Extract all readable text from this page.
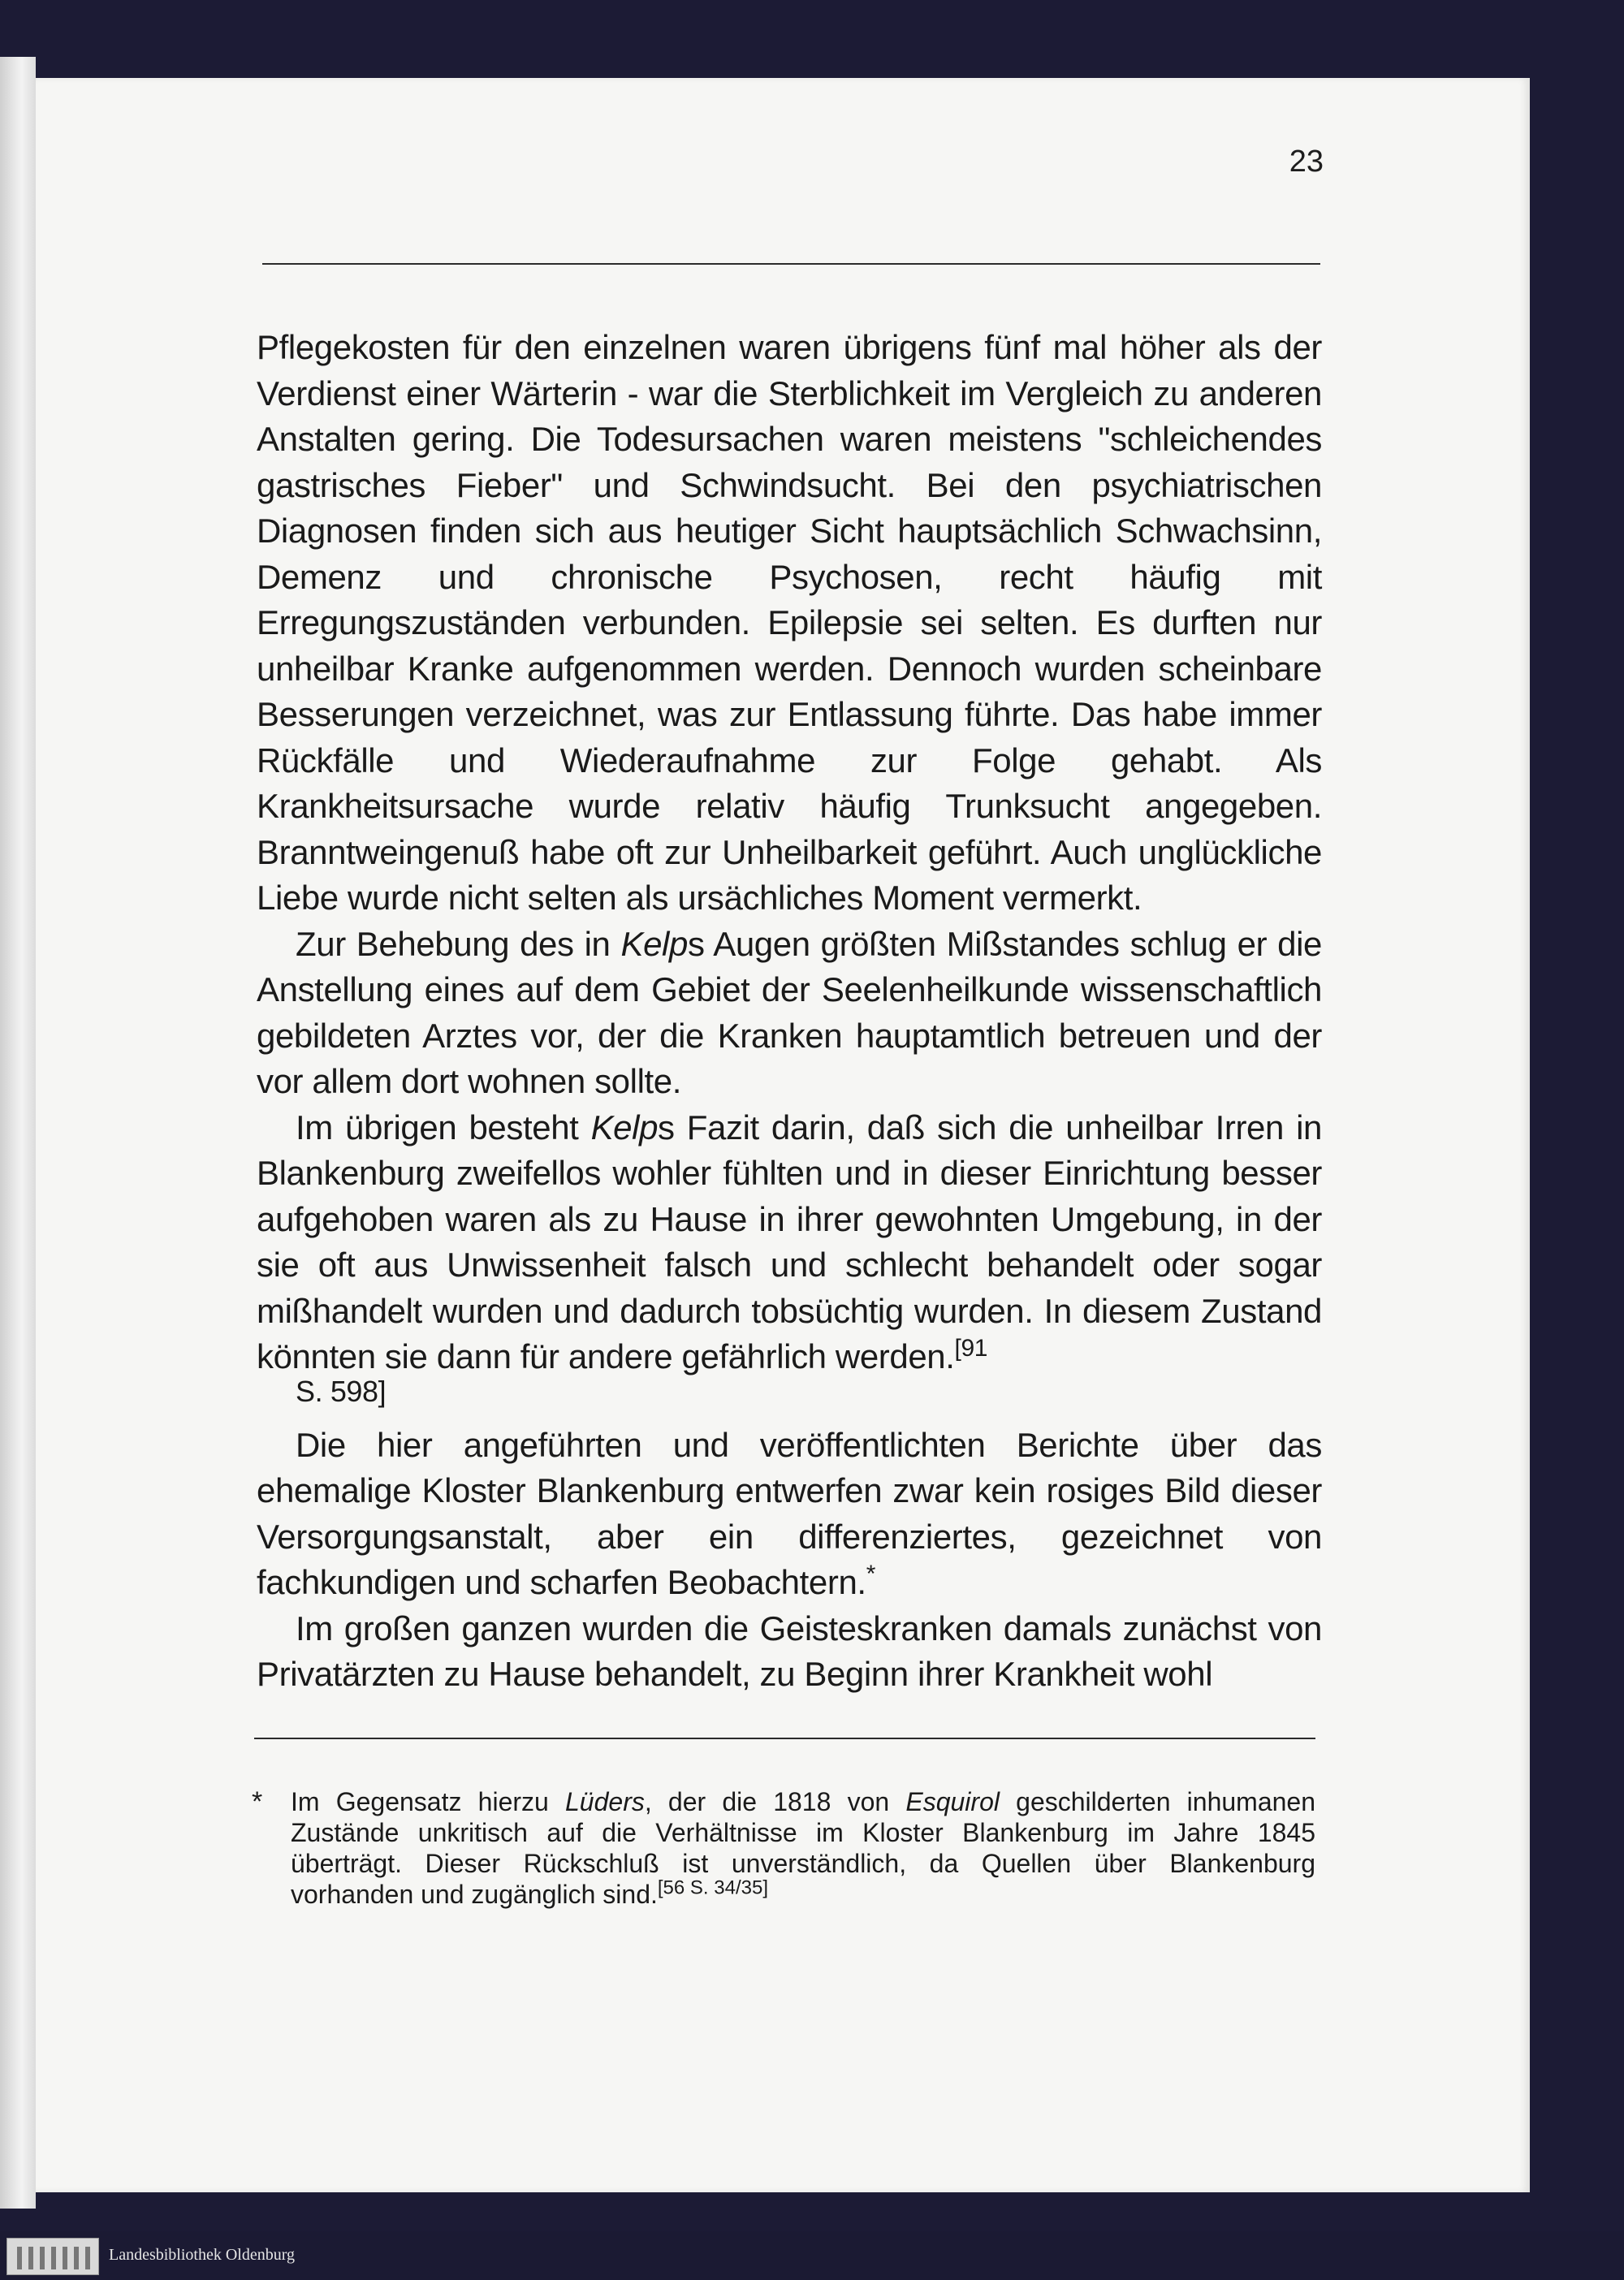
23

Pflegekosten für den einzelnen waren übrigens fünf mal höher als der Verdienst einer Wärterin - war die Sterblichkeit im Vergleich zu anderen Anstalten gering. Die Todesursachen waren meistens "schleichendes gastrisches Fieber" und Schwindsucht. Bei den psychiatrischen Diagnosen finden sich aus heutiger Sicht hauptsächlich Schwachsinn, Demenz und chronische Psychosen, recht häufig mit Erregungszuständen verbunden. Epilepsie sei selten. Es durften nur unheilbar Kranke aufgenommen werden. Dennoch wurden scheinbare Besserungen verzeichnet, was zur Entlassung führte. Das habe immer Rückfälle und Wiederaufnahme zur Folge gehabt. Als Krankheitsursache wurde relativ häufig Trunksucht angegeben. Branntweingenuß habe oft zur Unheilbarkeit geführt. Auch unglückliche Liebe wurde nicht selten als ursächliches Moment vermerkt.

Zur Behebung des in Kelps Augen größten Mißstandes schlug er die Anstellung eines auf dem Gebiet der Seelenheilkunde wissenschaftlich gebildeten Arztes vor, der die Kranken hauptamtlich betreuen und der vor allem dort wohnen sollte.

Im übrigen besteht Kelps Fazit darin, daß sich die unheilbar Irren in Blankenburg zweifellos wohler fühlten und in dieser Einrichtung besser aufgehoben waren als zu Hause in ihrer gewohnten Umgebung, in der sie oft aus Unwissenheit falsch und schlecht behandelt oder sogar mißhandelt wurden und dadurch tobsüchtig wurden. In diesem Zustand könnten sie dann für andere gefährlich werden.$^{[91}$
S. 598]

Die hier angeführten und veröffentlichten Berichte über das ehemalige Kloster Blankenburg entwerfen zwar kein rosiges Bild dieser Versorgungsanstalt, aber ein differenziertes, gezeichnet von fachkundigen und scharfen Beobachtern.*

Im großen ganzen wurden die Geisteskranken damals zunächst von Privatärzten zu Hause behandelt, zu Beginn ihrer Krankheit wohl

* Im Gegensatz hierzu Lüders, der die 1818 von Esquirol geschilderten inhumanen Zustände unkritisch auf die Verhältnisse im Kloster Blankenburg im Jahre 1845 überträgt. Dieser Rückschluß ist unverständlich, da Quellen über Blankenburg vorhanden und zugänglich sind.[56 S. 34/35]
Landesbibliothek Oldenburg
